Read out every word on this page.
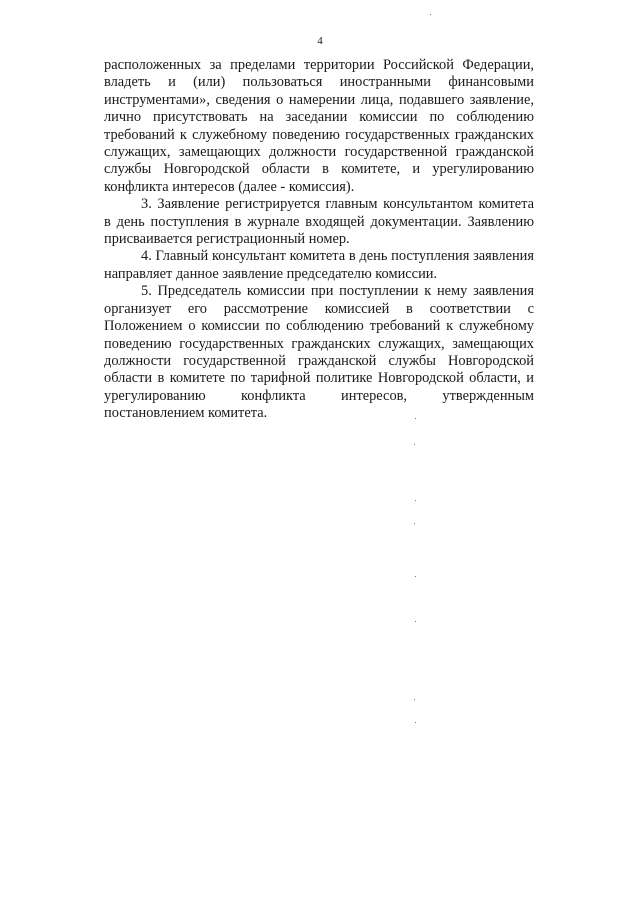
4

расположенных за пределами территории Российской Федерации, владеть и (или) пользоваться иностранными финансовыми инструментами», сведения о намерении лица, подавшего заявление, лично присутствовать на заседании комиссии по соблюдению требований к служебному поведению государственных гражданских служащих, замещающих должности государственной гражданской службы Новгородской области в комитете, и урегулированию конфликта интересов (далее - комиссия).

3. Заявление регистрируется главным консультантом комитета в день поступления в журнале входящей документации. Заявлению присваивается регистрационный номер.

4. Главный консультант комитета в день поступления заявления направляет данное заявление председателю комиссии.

5. Председатель комиссии при поступлении к нему заявления организует его рассмотрение комиссией в соответствии с Положением о комиссии по соблюдению требований к служебному поведению государственных гражданских служащих, замещающих должности государственной гражданской службы Новгородской области в комитете по тарифной политике Новгородской области, и урегулированию конфликта интересов, утвержденным постановлением комитета.
